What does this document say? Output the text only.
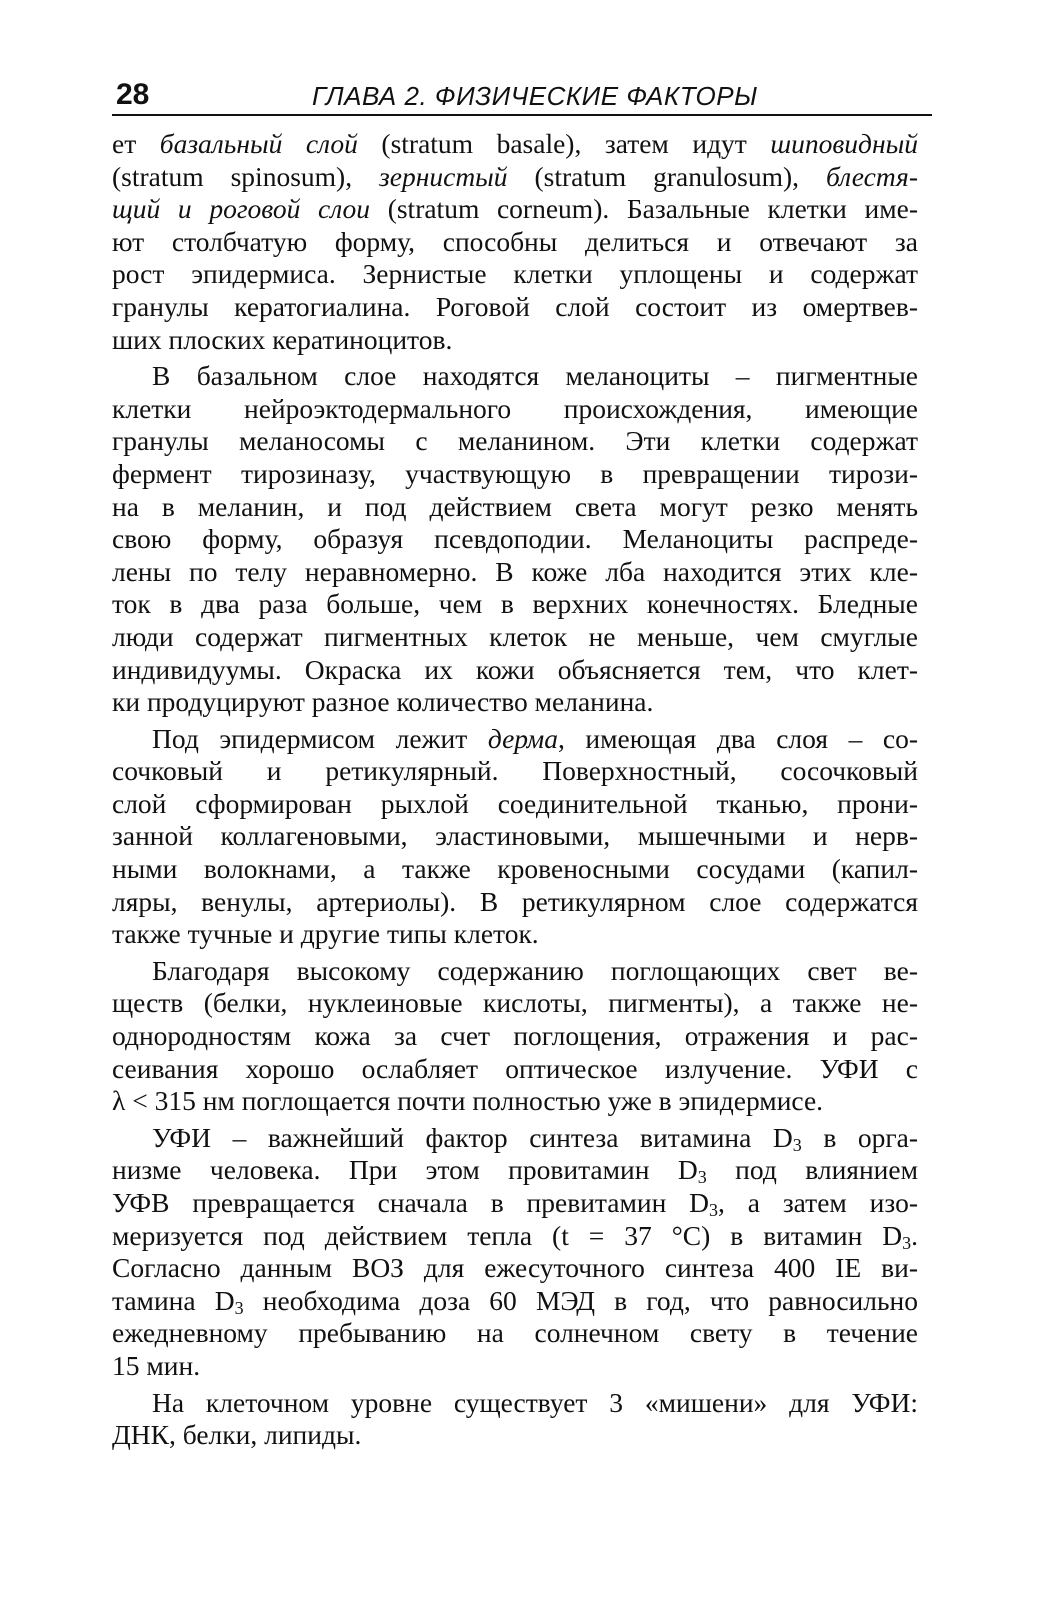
28	ГЛАВА 2. ФИЗИЧЕСКИЕ ФАКТОРЫ
ет базальный слой (stratum basale), затем идут шиповидный
(stratum spinosum), зернистый (stratum granulosum), блестя-
щий и роговой слои (stratum corneum). Базальные клетки име-
ют столбчатую форму, способны делиться и отвечают за
рост эпидермиса. Зернистые клетки уплощены и содержат
гранулы кератогиалина. Роговой слой состоит из омертвев-
ших плоских кератиноцитов.
В базальном слое находятся меланоциты – пигментные
клетки нейроэктодермального происхождения, имеющие
гранулы меланосомы с меланином. Эти клетки содержат
фермент тирозиназу, участвующую в превращении тирози-
на в меланин, и под действием света могут резко менять
свою форму, образуя псевдоподии. Меланоциты распреде-
лены по телу неравномерно. В коже лба находится этих кле-
ток в два раза больше, чем в верхних конечностях. Бледные
люди содержат пигментных клеток не меньше, чем смуглые
индивидуумы. Окраска их кожи объясняется тем, что клет-
ки продуцируют разное количество меланина.
Под эпидермисом лежит дерма, имеющая два слоя – со-
сочковый и ретикулярный. Поверхностный, сосочковый
слой сформирован рыхлой соединительной тканью, прони-
занной коллагеновыми, эластиновыми, мышечными и нерв-
ными волокнами, а также кровеносными сосудами (капил-
ляры, венулы, артериолы). В ретикулярном слое содержатся
также тучные и другие типы клеток.
Благодаря высокому содержанию поглощающих свет ве-
ществ (белки, нуклеиновые кислоты, пигменты), а также не-
однородностям кожа за счет поглощения, отражения и рас-
сеивания хорошо ослабляет оптическое излучение. УФИ с
λ < 315 нм поглощается почти полностью уже в эпидермисе.
УФИ – важнейший фактор синтеза витамина $D_3$ в орга-
низме человека. При этом провитамин $D_3$ под влиянием
УФВ превращается сначала в превитамин $D_3$, а затем изо-
меризуется под действием тепла (t = 37 °С) в витамин $D_3$.
Согласно данным ВОЗ для ежесуточного синтеза 400 IE ви-
тамина $D_3$ необходима доза 60 МЭД в год, что равносильно
ежедневному пребыванию на солнечном свету в течение
15 мин.
На клеточном уровне существует 3 «мишени» для УФИ:
ДНК, белки, липиды.
